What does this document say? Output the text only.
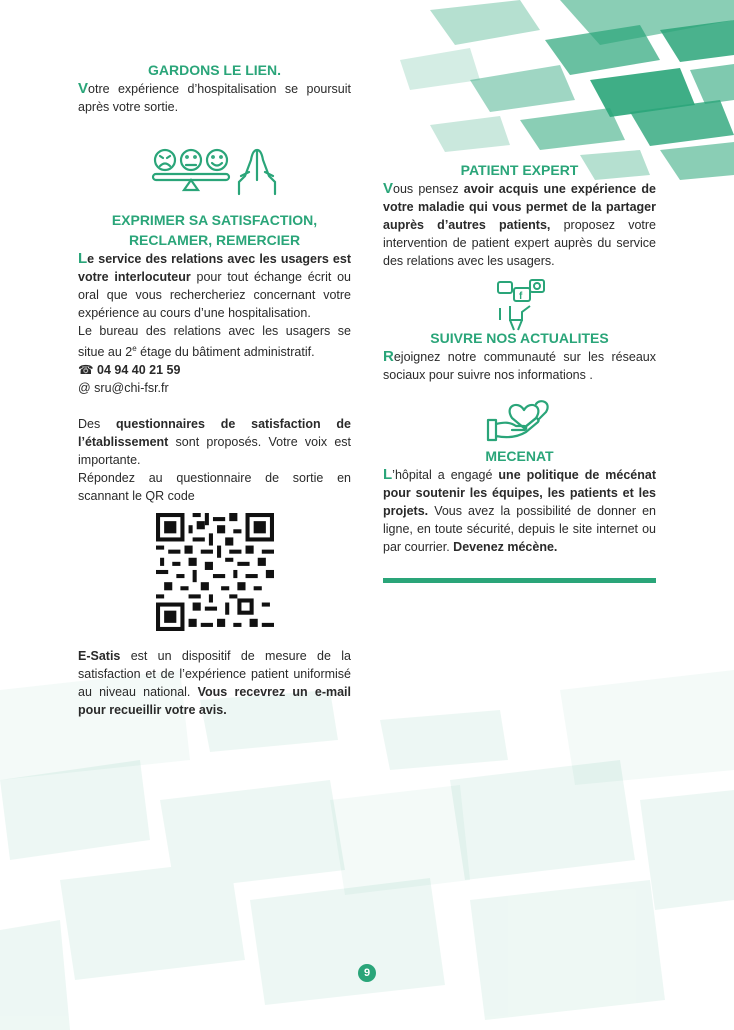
GARDONS LE LIEN.

Votre expérience d’hospitalisation se poursuit après votre sortie.

EXPRIMER SA SATISFACTION,
RECLAMER, REMERCIER

Le service des relations avec les usagers est votre interlocuteur pour tout échange écrit ou oral que vous rechercheriez concernant votre expérience au cours d’une hospitalisation.

Le bureau des relations avec les usagers se situe au 2e étage du bâtiment administratif.

☎ 04 94 40 21 59

@ sru@chi-fsr.fr

Des questionnaires de satisfaction de l’établissement sont proposés. Votre voix est importante.

Répondez au questionnaire de sortie en scannant le QR code

E-Satis est un dispositif de mesure de la satisfaction et de l’expérience patient uniformisé au niveau national. Vous recevrez un e-mail pour recueillir votre avis.

PATIENT EXPERT

Vous pensez avoir acquis une expérience de votre maladie qui vous permet de la partager auprès d’autres patients, proposez votre intervention de patient expert auprès du service des relations avec les usagers.

f
SUIVRE NOS ACTUALITES

Rejoignez notre communauté sur les réseaux sociaux pour suivre nos informations .

MECENAT

L’hôpital a engagé une politique de mécénat pour soutenir les équipes, les patients et les projets. Vous avez la possibilité de donner en ligne, en toute sécurité, depuis le site internet ou par courrier. Devenez mécène.

9
